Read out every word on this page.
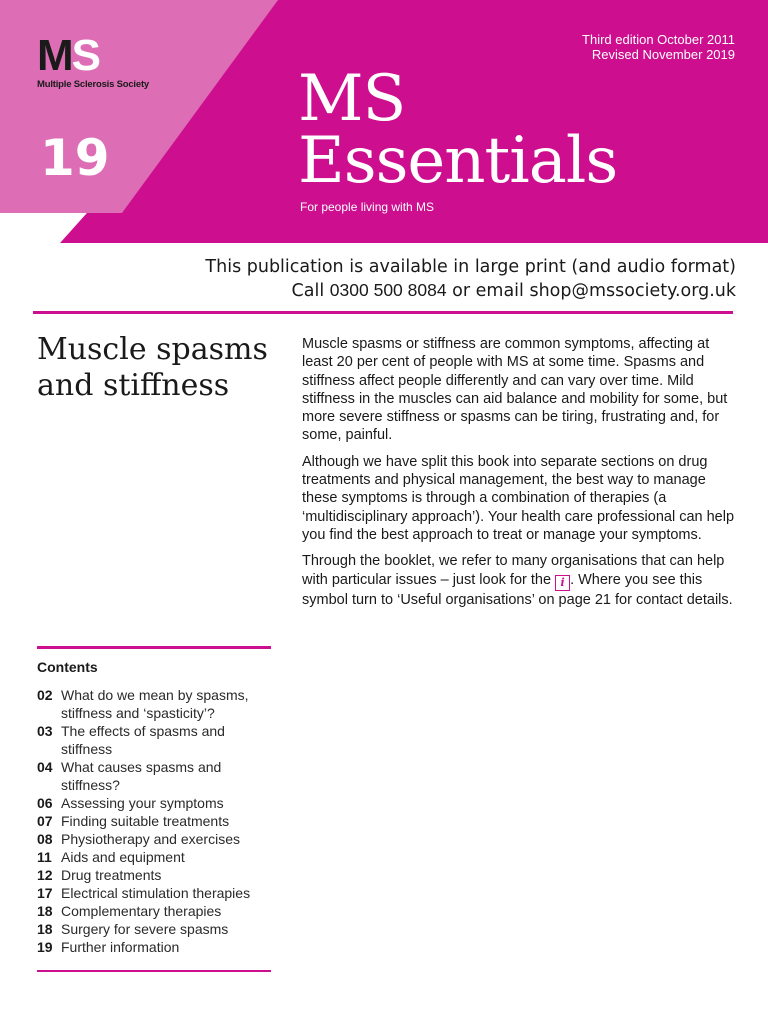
MS
Multiple Sclerosis Society
19
Third edition October 2011
Revised November 2019
MS
Essentials
For people living with MS
This publication is available in large print (and audio format)
Call 0300 500 8084 or email shop@mssociety.org.uk
Muscle spasms and stiffness

Muscle spasms or stiffness are common symptoms, affecting at least 20 per cent of people with MS at some time. Spasms and stiffness affect people differently and can vary over time. Mild stiffness in the muscles can aid balance and mobility for some, but more severe stiffness or spasms can be tiring, frustrating and, for some, painful.

Although we have split this book into separate sections on drug treatments and physical management, the best way to manage these symptoms is through a combination of therapies (a ‘multidisciplinary approach’). Your health care professional can help you find the best approach to treat or manage your symptoms.

Through the booklet, we refer to many organisations that can help with particular issues – just look for the i . Where you see this symbol turn to ‘Useful organisations’ on page 21 for contact details.

Contents
02 What do we mean by spasms, stiffness and ‘spasticity’?
03 The effects of spasms and stiffness
04 What causes spasms and stiffness?
06 Assessing your symptoms
07 Finding suitable treatments
08 Physiotherapy and exercises
11 Aids and equipment
12 Drug treatments
17 Electrical stimulation therapies
18 Complementary therapies
18 Surgery for severe spasms
19 Further information
